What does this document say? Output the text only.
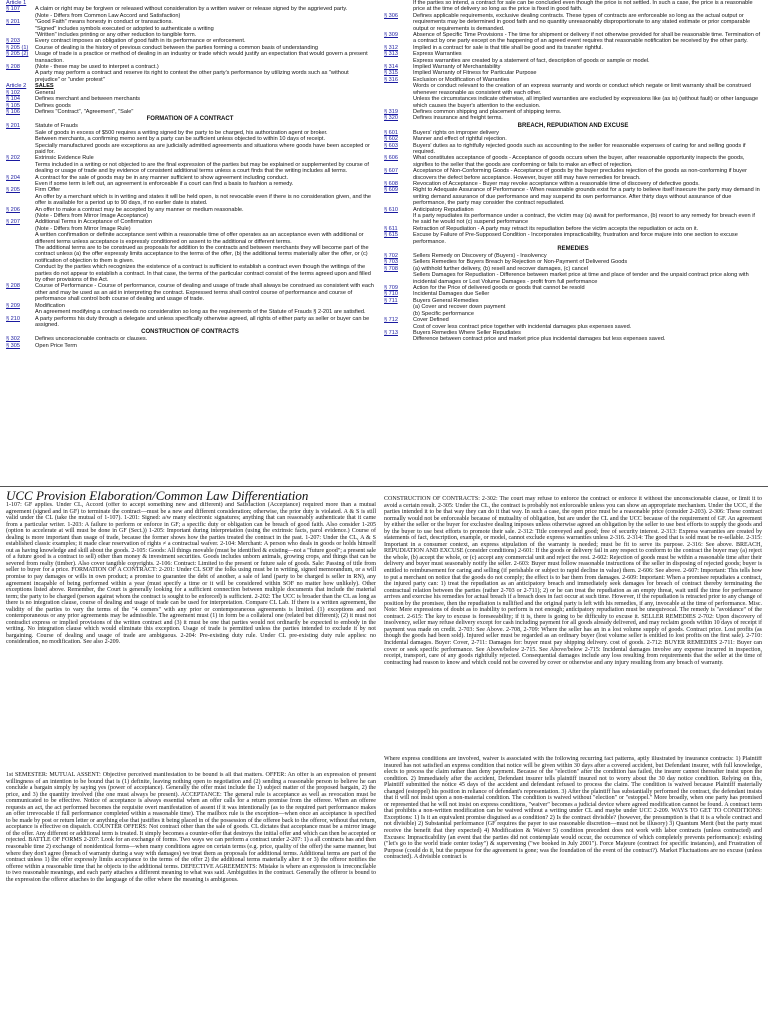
Article 1
§ 107	A claim or right may be forgiven or released without consideration by a written waiver or release signed by the aggrieved party.
(Note - Differs from Common Law Accord and Satisfaction)
§ 201	"Good Faith" means honesty in conduct or transactions.
"Signed" includes symbols executed or adopted to authenticate a writing
"Written" includes printing or any other reduction to tangible form.
§ 203	Every contract imposes an obligation of good faith in its performance or enforcement.
§ 205 (1)	Course of dealing is the history of previous conduct between the parties forming a common basis of understanding
§ 205 (2)	Usage of trade is a practice or method of dealing in an industry or trade which would justify an expectation that would govern a present transaction.
§ 208	(Note - these may be used to interpret a contract.)
A party may perform a contract and reserve its right to contest the other party's performance by utilizing words such as "without prejudice" or "under protest"
Article 2	SALES
§ 102	General
§ 104	Defines merchant and between merchants
§ 105	Defines goods
§ 106	Defines "Contract", "Agreement", "Sale"
FORMATION OF A CONTRACT
§ 201	Statute of Frauds
Sale of goods in excess of $500 requires a writing signed by the party to be charged, his authorization agent or broker.
Between merchants, a confirming memo sent by a party can be sufficient unless objected to within 10 days of receipt.
Specially manufactured goods are exceptions as are judicially admitted agreements and situations where goods have been accepted or paid for.
§ 202	Extrinsic Evidence Rule
Terms included in a writing or not objected to are the final expression of the parties but may be explained or supplemented by course of dealing or usage of trade and by evidence of consistent additional terms unless a court finds that the writing includes all terms.
§ 204	A contract for the sale of goods may be in any manner sufficient to show agreement including conduct.
Even if some term is left out, an agreement is enforceable if a court can find a basis to fashion a remedy.
§ 205	Firm Offer
An offer by a merchant which is in writing and states it will be held open, is not revocable even if there is no consideration given, and the offer is available for a period up to 90 days, if no earlier date is stated.
§ 206	An offer to make a contract may be accepted by any manner or medium reasonable.
(Note - Differs from Mirror Image Acceptance)
§ 207	Additional Terms in Acceptance of Confirmation
(Note - Differs from Mirror Image Rule)
A written confirmation or definite acceptance sent within a reasonable time of offer operates as an acceptance even with additional or different terms unless acceptance is expressly conditioned on assent to the additional or different terms.
The additional terms are to be construed as proposals for addition to the contracts and between merchants they will become part of the contract unless (a) the offer expressly limits acceptance to the terms of the offer, (b) the additional terms materially alter the offer, or (c) notification of objection to them is given.
Conduct by the parties which recognizes the existence of a contract is sufficient to establish a contract even though the writings of the parties do not appear to establish a contract. In that case, the terms of the particular contract consist of the terms agreed upon and filled by other provisions of the Act.
§ 208	Course of Performance - Course of performance, course of dealing and usage of trade shall always be construed as consistent with each other and may be used as an aid in interpreting the contract. Expressed terms shall control course of performance and course of performance shall control both course of dealing and usage of trade.
§ 209	Modification
An agreement modifying a contract needs no consideration so long as the requirements of the Statute of Frauds § 2-201 are satisfied.
§ 210	A party performs his duty through a delegate and unless specifically otherwise agreed, all rights of either party as seller or buyer can be assigned.
CONSTRUCTION OF CONTRACTS
§ 302	Defines unconscionable contracts or clauses.
§ 305	Open Price Term
If the parties so intend, a contract for sale can be concluded even though the price is not settled. In such a case, the price is a reasonable price at the time of delivery so long as the price is fixed in good faith.
§ 306	Defines applicable requirements, exclusive dealing contracts. These types of contracts are enforceable so long as the actual output or requirements may be determined in good faith and no quantity unreasonably disproportionate to any stated estimate or prior comparable output or requirements is demanded.
§ 309	Absence of Specific Time Provisions - The time for shipment or delivery if not otherwise provided for shall be reasonable time. Termination of a contract by one party except on the happening of an agreed event requires that reasonable notification be received by the other party.
§ 312	Implied in a contract for sale is that title shall be good and its transfer rightful.
§ 313	Express Warranties
Express warranties are created by a statement of fact, description of goods or sample or model.
§ 314	Implied Warranty of Merchantability
§ 315	Implied Warranty of Fitness for Particular Purpose
§ 316	Exclusion or Modification of Warranties
Words or conduct relevant to the creation of an express warranty and words or conduct which negate or limit warranty shall be construed whenever reasonable as consistent with each other.
Unless the circumstances indicate otherwise, all implied warranties are excluded by expressions like (as is) (without fault) or other language which causes the buyer's attention to the exclusion.
§ 319	Defines common shipping and placement of shipping terms.
§ 320	Defines insurance and freight terms.
BREACH, REPUDIATION AND EXCUSE
§ 601	Buyers' rights on improper delivery
§ 602	Manner and effect of rightful rejection.
§ 603	Buyers' duties as to rightfully rejected goods such as accounting to the seller for reasonable expenses of caring for and selling goods if required.
§ 606	What constitutes acceptance of goods - Acceptance of goods occurs when the buyer, after reasonable opportunity inspects the goods, signifies to the seller that the goods are conforming or fails to make an effect of rejection.
§ 607	Acceptance of Non-Conforming Goods - Acceptance of goods by the buyer precludes rejection of the goods as non-conforming if buyer discovers the defect before acceptance. However, buyer still may have remedies for breach.
§ 608	Revocation of Acceptance - Buyer may revoke acceptance within a reasonable time of discovery of defective goods.
§ 609	Right to Adequate Assurance of Performance - When reasonable grounds exist for a party to believe itself insecure the party may demand in writing demand assurance of due performance and may suspend its own performance. After thirty days without assurance of due performance, the party may consider the contract repudiated.
§ 610	Anticipatory Repudiation
If a party repudiates its performance under a contract, the victim may (a) await for performance, (b) resort to any remedy for breach even if he said he would not (c) suspend performance
§ 611	Retraction of Repudiation - A party may retract its repudiation before the victim accepts the repudiation or acts on it.
§ 615	Excuse by Failure of Pre-Supposed Condition - Incorporates impracticability, frustration and force majure into one section to excuse performance.
REMEDIES
§ 702	Sellers Remedy on Discovery of (Buyers) - Insolvency
§ 703	Sellers Remedies for Buyers Breach by Rejection or Non-Payment of Delivered Goods
§ 708	(a) withhold further delivery, (b) resell and recover damages, (c) cancel
Sellers Damages for Repudiation - Difference between market price at time and place of tender and the unpaid contract price along with incidental damages or Lost Volume Damages - profit from full performance
§ 709	Action for the Price of delivered goods or goods that cannot be resold
§ 710	Incidental Damages due Seller
§ 711	Buyers General Remedies
(a) Cover and recover down payment
(b) Specific performance
§ 712	Cover Defined
Cost of cover less contract price together with incidental damages plus expenses saved.
§ 713	Buyers Remedies Where Seller Repudiates
Difference between contract price and market price plus incidental damages but less expenses saved.
UCC Provision Elaboration/Common Law Differentiation
1-107: GF applies. Under CL, Accord (offer to accept something new and different) and Satisfaction (Acceptance) required more than a mutual agreement (signed and in GF) to terminate the contract—must be a new and different consideration; otherwise, the prior duty is violated. A & S is still valid under the CL (take the mutual of 1-107). 1-201: Signed: a/w many electronic signatures; anything that can reasonably authenticate that it came from a particular writer. 1-203: A failure to perform or enforce in GF; a specific duty or obligation can be breach of good faith. Also consider 1-205 (option to accelerate at will must be done in GF (Sect.)) 1-205: Important during interpretation (using the extrinsic facts, parol evidence.) Course of dealing is more important than usage of trade, because the former shows how the parties treated the contract in the past. 1-207: Under the CL, A & S established classic examples; it made clear reservation of rights ≠ a contractual waiver. 2-104: Merchant: A person who deals in goods or holds himself out as having knowledge and skill about the goods. 2-105: Goods: All things movable (must be identified & existing—not a "future good"; a present sale of a future good is a contract to sell) other than money & investment securities. Goods includes unborn animals, growing crops, and things that can be severed from realty (timber). Also cover tangible copyrights. 2-106: Contract: Limited to the present or future sale of goods. Sale: Passing of title from seller to buyer for a price. FORMATION OF A CONTRACT: 2-201: Under CL SOF the folks using must be in writing, signed memorandum, or a will promise to pay damages or wills in own product; a promise to guarantee the debt of another, a sale of land (party to be charged is seller in RN), any agreement incapable of being performed within a year (must specify a time or it will be considered within SOF no matter how unlikely). Other exceptions listed above. Remember, the Court is generally looking for a sufficient connection between multiple documents that include the material term; the party to be charged (person against whom the contract is sought to be enforced) is sufficient. 2-202: The UCC is broader than the CL as long as there is no integration clause, course of dealing and usage of trade can be used for interpretation. Compare CL Lab. If there is a written agreement, the validity of the parties to vary the terms of the "4 corners" with any prior or contemporaneous agreements is limited. (1) exceptions and not contemporaneous or any prior agreements may be admissible. The agreement must (1) in form be a collateral one (related but different); (2) it must not contradict express or implied provisions of the written contract and (3) it must be one that parties would not ordinarily be expected to embody in the writing. No integration clause which would eliminate this exception. Usage of trade is permitted unless the parties intended to exclude it by not bargaining. Course of dealing and usage of trade are ambiguous. 2-204: Pre-existing duty rule. Under CL pre-existing duty rule applies: no consideration, no modification. See also 2-209.
CONSTRUCTION OF CONTRACTS: 2-302: The court may refuse to enforce the contract or enforce it without the unconscionable clause, or limit it to avoid a certain result. 2-305: Under the CL, the contract is probably not enforceable unless you can show an appropriate mechanism. Under the UCC, if the parties intended it to be that way they can do it that way. In such a case, the open price must be a reasonable price (consider 2-203). 2-306: These contract normally would not be enforceable because of mutuality of obligation, but are under the CL and the UCC because of the requirement of GF. An agreement by either the seller or the buyer for exclusive dealing imposes unless otherwise agreed an obligation by the seller to use best efforts to supply the goods and by the buyer to use best efforts to promote their sale. 2-312: Title conveyed and good; free of security interest. 2-313: Express warranties are created by statements of fact, description, example, or model, cannot exclude express warranties unless 2-316. 2-314: The good that is sold must be re-sellable. 2-315: Important in a consumer context, an express stipulation of the warranty is needed; must be fit to serve its purpose. 2-316: See above. BREACH, REPUDIATION AND EXCUSE (consider conditions) 2-601: If the goods or delivery fail in any respect to conform to the contract the buyer may (a) reject the whole, (b) accept the whole, or (c) accept any commercial unit and reject the rest. 2-602: Rejection of goods must be within a reasonable time after their delivery and buyer must seasonably notify the seller. 2-603: Buyer must follow reasonable instructions of the seller in disposing of rejected goods; buyer is entitled to reimbursement for caring and selling (if perishable or subject to rapid decline in value) them. 2-606: See above. 2-607: Important: This tells how to put a merchant on notice that the goods do not comply; the effect is to bar them from damages. 2-609: Important: When a promisee repudiates a contract, the injured party can: 1) treat the repudiation as an anticipatory breach and immediately seek damages for breach of contract thereby terminating the contractual relation between the parties (rather 2-703 or 2-711); 2) or he can treat the repudiation as an empty threat, wait until the time for performance arrives and exercise his remedies for actual breach if a breach does in fact occur at such time. However, if the repudiation is retracted prior to any change of position by the promisee, then the repudiation is nullified and the original party is left with his remedies, if any, invocable at the time of performance. Misc. Note: Mere expressions of doubt as to inability to perform is not enough; anticipatory repudiation must be unequivocal. The remedy is "avoidance" of the contract. 2-615: The key to excuse is foreseeability; if it is, there is going to be difficulty to excuse it. SELLER REMEDIES 2-702: Upon discovery of insolvency, seller may refuse delivery except for cash including payment for all goods already delivered, and may reclaim goods within 10 days of receipt if payment was made on credit. 2-703: See Above. 2-708, 2-709: Where the seller has an in a lost volume supply of goods. Contract price. Lost profits (as though the goods had been sold). Injured seller must be regarded as an ordinary buyer (lost volume seller is entitled to lost profits on the first sale). 2-710: Incidental damages. Buyer: Cover, 2-711: Damages for: buyer must pay shipping delivery. cost of goods. 2-712: BUYER REMEDIES 2-711: Buyer can cover or seek specific performance. See Above/below 2-715. See Above/below 2-715: Incidental damages involve any expense incurred in inspection, receipt, transport, care of any goods rightfully rejected. Consequential damages include any loss resulting from requirements that the seller at the time of contracting had reason to know and which could not be covered by cover or otherwise and any injury resulting from any breach of warranty.
1st SEMESTER: MUTUAL ASSENT: Objective perceived manifestation to be bound is all that matters. OFFER: An offer is an expression of present willingness of an intention to be bound that is (1) definite, leaving nothing open to negotiation and (2) sending a reasonable person to believe he can conclude a bargain simply by saying yes (power of acceptance). Generally the offer must include the 1) subject matter of the proposed bargain, 2) the price, and 3) the quantity involved (the one must always be present). ACCEPTANCE: The general rule is acceptance as well as revocation must be communicated to be effective. Notice of acceptance is always essential when an offer calls for a return promise from the offeree. When an offeree requests an act, the act performed becomes the requisite overt manifestation of assent if it was intentionally (as to the required part performance makes an offer irrevocable if full performance completed within a reasonable time). The mailbox rule is the exception—when once an acceptance is specified to be made by post or return letter or anything else that justifies it being placed in of the possession of the offeree back to the offeror, without that return, acceptance is effective on dispatch. COUNTER OFFERS: Not contract other than the sale of goods. CL dictates that acceptance must be a mirror image of the offer. Any different or additional term is treated. It simply becomes a counter-offer that destroys the initial offer and which can then be accepted or rejected. BATTLE OF FORMS 2-207: Look for an exchange of forms. Two ways we can perform a contract under 2-207: 1) a all contracts has and then reasonable time 2) exchange of nonidentical forms—when many conditions agree on certain terms (e.g. price, quality of the offer) the same manner, but where they don't agree (breach of warranty during a way with damages) we treat them as proposals for additional terms. Additional terms are part of the contract unless 1) the offer expressly limits acceptance to the terms of the offer 2) the additional terms materially alter it or 3) the offeror notifies the offeree within a reasonable time that he objects to the additional terms. DEFECTIVE AGREEMENTS: Mistake is where an expression is irreconcilable to two reasonable meanings, and each party attaches a different meaning to what was said. Ambiguities in the contract. Generally the offeror is bound to the expression the offeror attaches to the language of the offer where the meaning is ambiguous.
Where express conditions are involved, waiver is associated with the following recurring fact patterns, aptly illustrated by insurance contracts: 1) Plaintiff insured has not satisfied an express condition that notice will be given within 30 days after a covered accident, but Defendant insurer, with full knowledge, elects to process the claim rather than deny payment. Because of the "election" after the condition has failed, the insurer cannot thereafter insist upon the condition. 2) Immediately after the accident, Defendant insurer tells plaintiff insured not to worry about the 30 day notice condition. Relying on this, Plaintiff submitted the notice 45 days of the accident and defendant refused to process the claim. The condition is waived because Plaintiff materially changed (estoppel) his position in reliance of defendant's representation. 3) After the plaintiff has substantially performed the contract, the defendant insists that it will not insist upon a non-material condition. The condition is waived without "election" or "estoppel." More broadly, when one party has promised or represented that he will not insist on express conditions, "waiver" becomes a judicial device where agreed modification cannot be found. A contract term that prohibits a non-written modification can be waived without a writing under CL and maybe under UCC 2-209. WAYS TO GET TO CONDITIONS: Exceptions: 1) Is it an equivalent promise disguised as a condition? 2) Is the contract divisible? (however, the presumption is that it is a whole contract and not divisible) 2) Substantial performance (GF requires the payer to use reasonable discretion—must not be illusory) 3) Quantum Merit (but the party must receive the benefit that they expected) 4) Modification & Waiver 5) condition precedent does not work with labor contracts (unless contracted) and Excuses: Impracticability (an event that the parties did not contemplate would occur, the occurrence of which completely prevents performance): existing ("let's go to the world trade center today") & supervening ("we booked in July 2001"). Force Majeure (contract for specific instances), and Frustration of Purpose (could do it, but the purpose for the agreement is gone; was the foundation of the event of the contract?). Market Fluctuations are no excuse (unless contracted). A divisible contract is
